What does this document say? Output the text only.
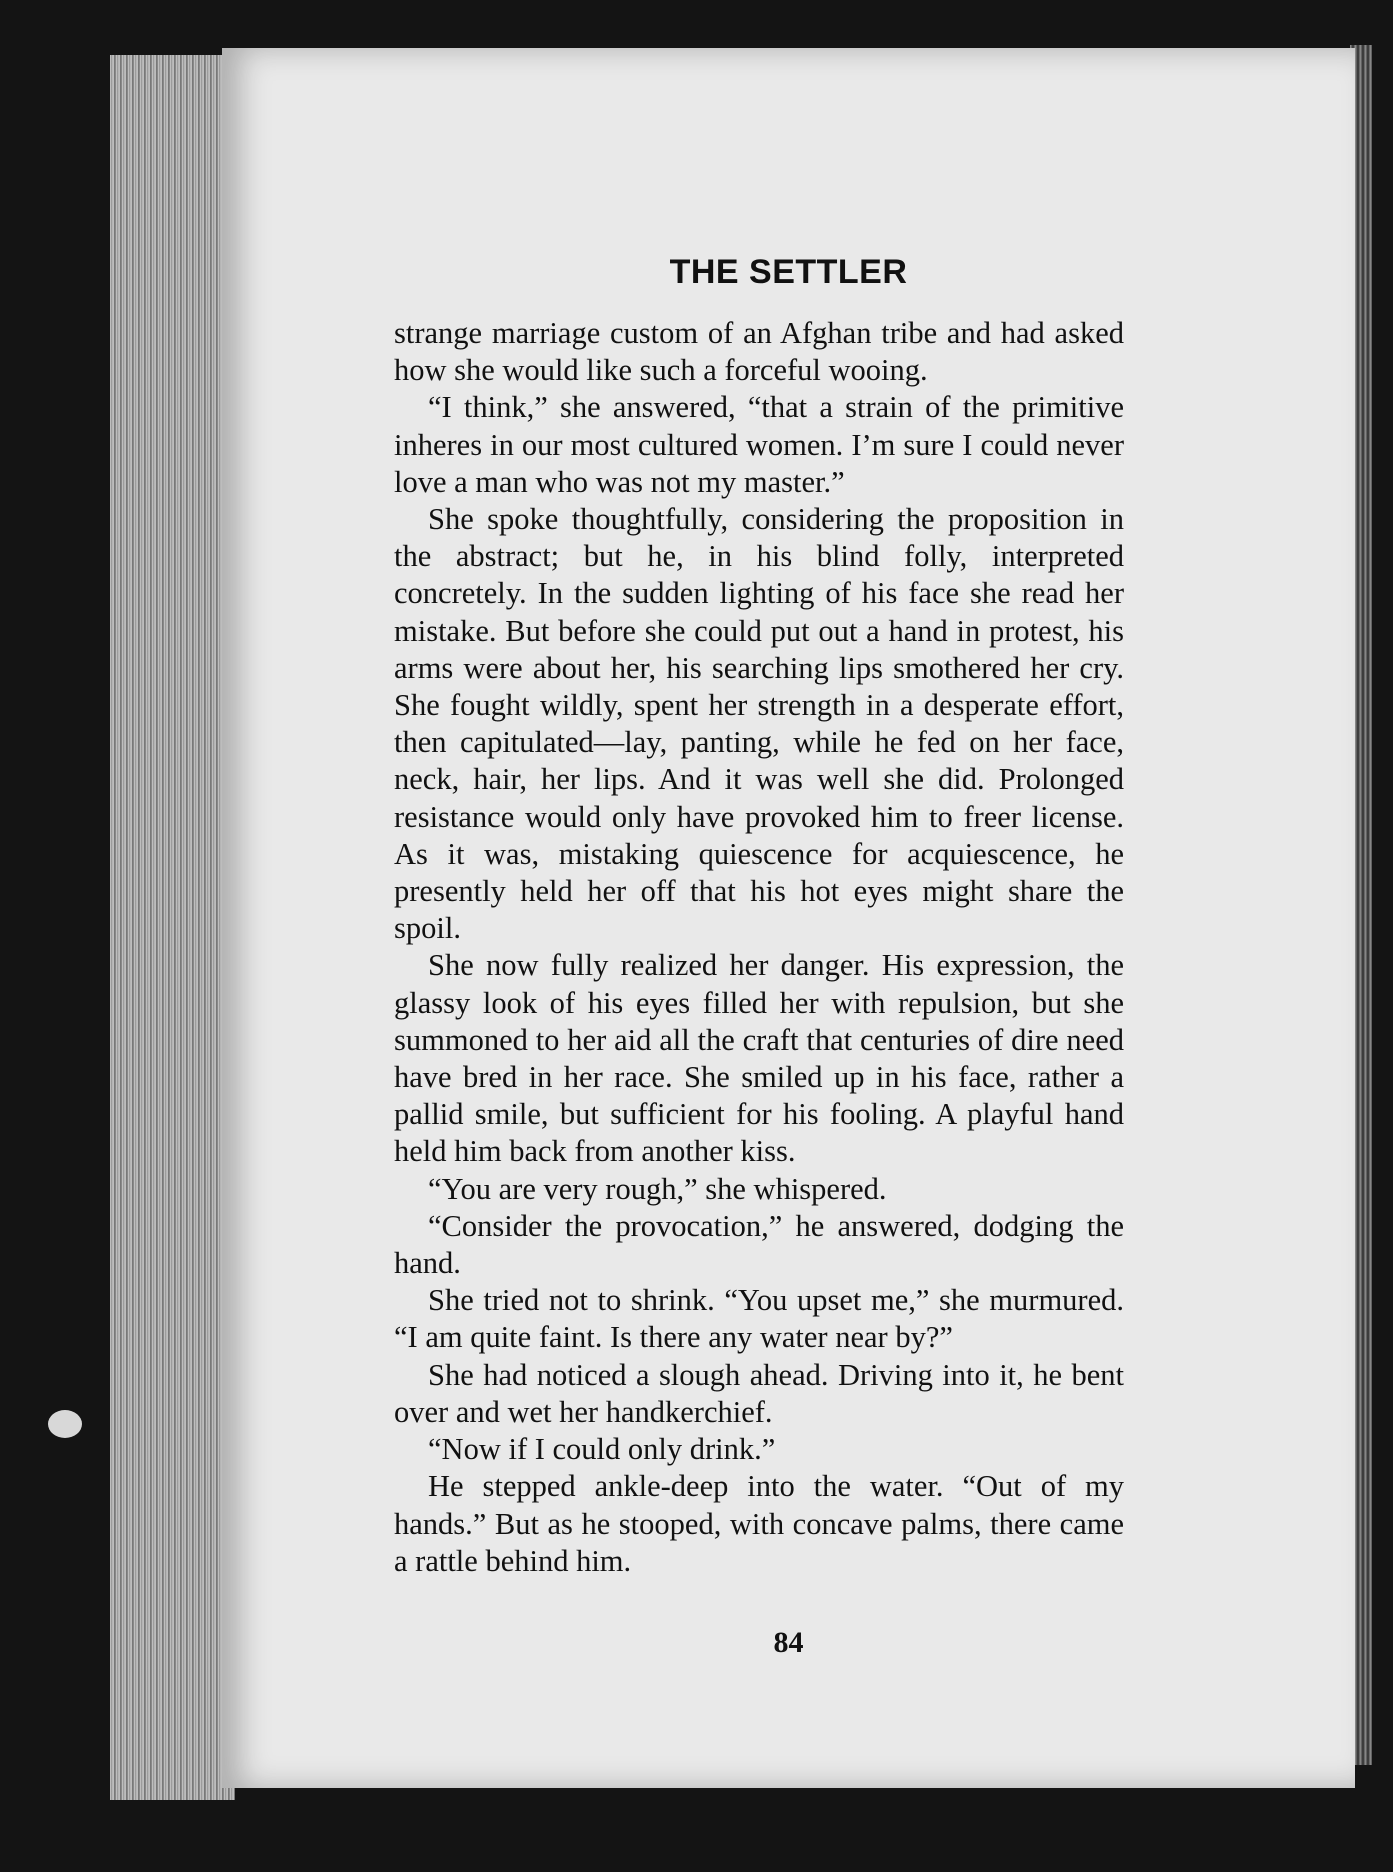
THE SETTLER

strange marriage custom of an Afghan tribe and had asked how she would like such a forceful wooing.

“I think,” she answered, “that a strain of the primitive inheres in our most cultured women. I’m sure I could never love a man who was not my master.”

She spoke thoughtfully, considering the proposition in the abstract; but he, in his blind folly, interpreted concretely. In the sudden lighting of his face she read her mistake. But before she could put out a hand in protest, his arms were about her, his searching lips smothered her cry. She fought wildly, spent her strength in a desperate effort, then capitulated—lay, panting, while he fed on her face, neck, hair, her lips. And it was well she did. Prolonged resistance would only have provoked him to freer license. As it was, mistaking quiescence for acquiescence, he presently held her off that his hot eyes might share the spoil.

She now fully realized her danger. His expression, the glassy look of his eyes filled her with repulsion, but she summoned to her aid all the craft that centuries of dire need have bred in her race. She smiled up in his face, rather a pallid smile, but sufficient for his fooling. A playful hand held him back from another kiss.

“You are very rough,” she whispered.

“Consider the provocation,” he answered, dodging the hand.

She tried not to shrink. “You upset me,” she murmured. “I am quite faint. Is there any water near by?”

She had noticed a slough ahead. Driving into it, he bent over and wet her handkerchief.

“Now if I could only drink.”

He stepped ankle-deep into the water. “Out of my hands.” But as he stooped, with concave palms, there came a rattle behind him.

84
